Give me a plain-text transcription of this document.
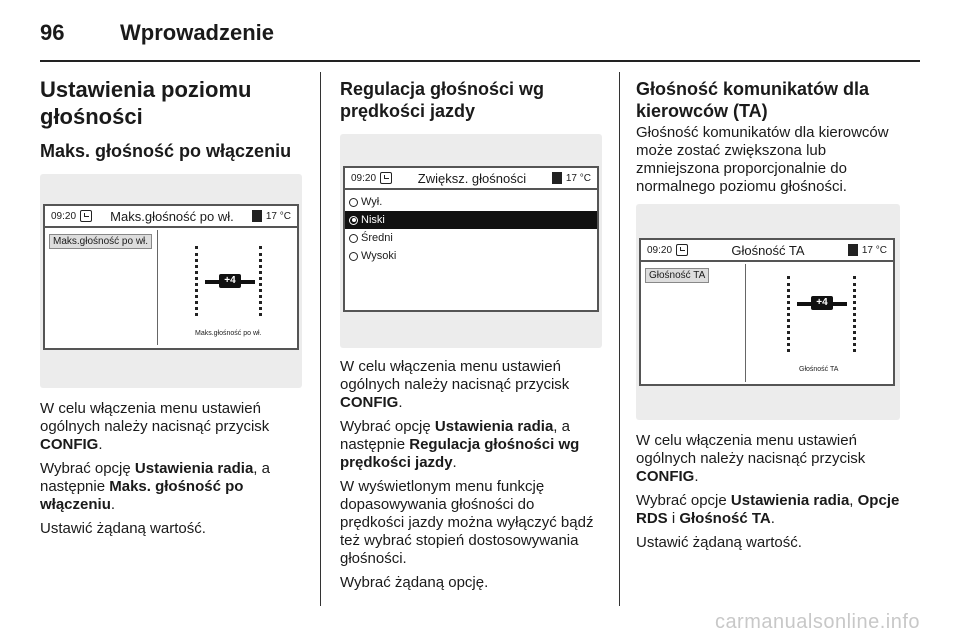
96	Wprowadzenie
Ustawienia poziomu głośności
Maks. głośność po włączeniu
09:20	Maks.głośność po wł.	17 °C
Maks.głośność po wł.
+4
Maks.głośność po wł.

W celu włączenia menu ustawień ogólnych należy nacisnąć przycisk CONFIG.

Wybrać opcję Ustawienia radia, a następnie Maks. głośność po włączeniu.

Ustawić żądaną wartość.

Regulacja głośności wg prędkości jazdy
09:20	Zwiększ. głośności	17 °C
Wył.
Niski
Średni
Wysoki

W celu włączenia menu ustawień ogólnych należy nacisnąć przycisk CONFIG.

Wybrać opcję Ustawienia radia, a następnie Regulacja głośności wg prędkości jazdy.

W wyświetlonym menu funkcję dopasowywania głośności do prędkości jazdy można wyłączyć bądź też wybrać stopień dostosowywania głośności.

Wybrać żądaną opcję.

Głośność komunikatów dla kierowców (TA)

Głośność komunikatów dla kierowców może zostać zwiększona lub zmniejszona proporcjonalnie do normalnego poziomu głośności.

09:20	Głośność TA	17 °C
Głośność TA
+4
Głośność TA

W celu włączenia menu ustawień ogólnych należy nacisnąć przycisk CONFIG.

Wybrać opcje Ustawienia radia, Opcje RDS i Głośność TA.

Ustawić żądaną wartość.

carmanualsonline.info
